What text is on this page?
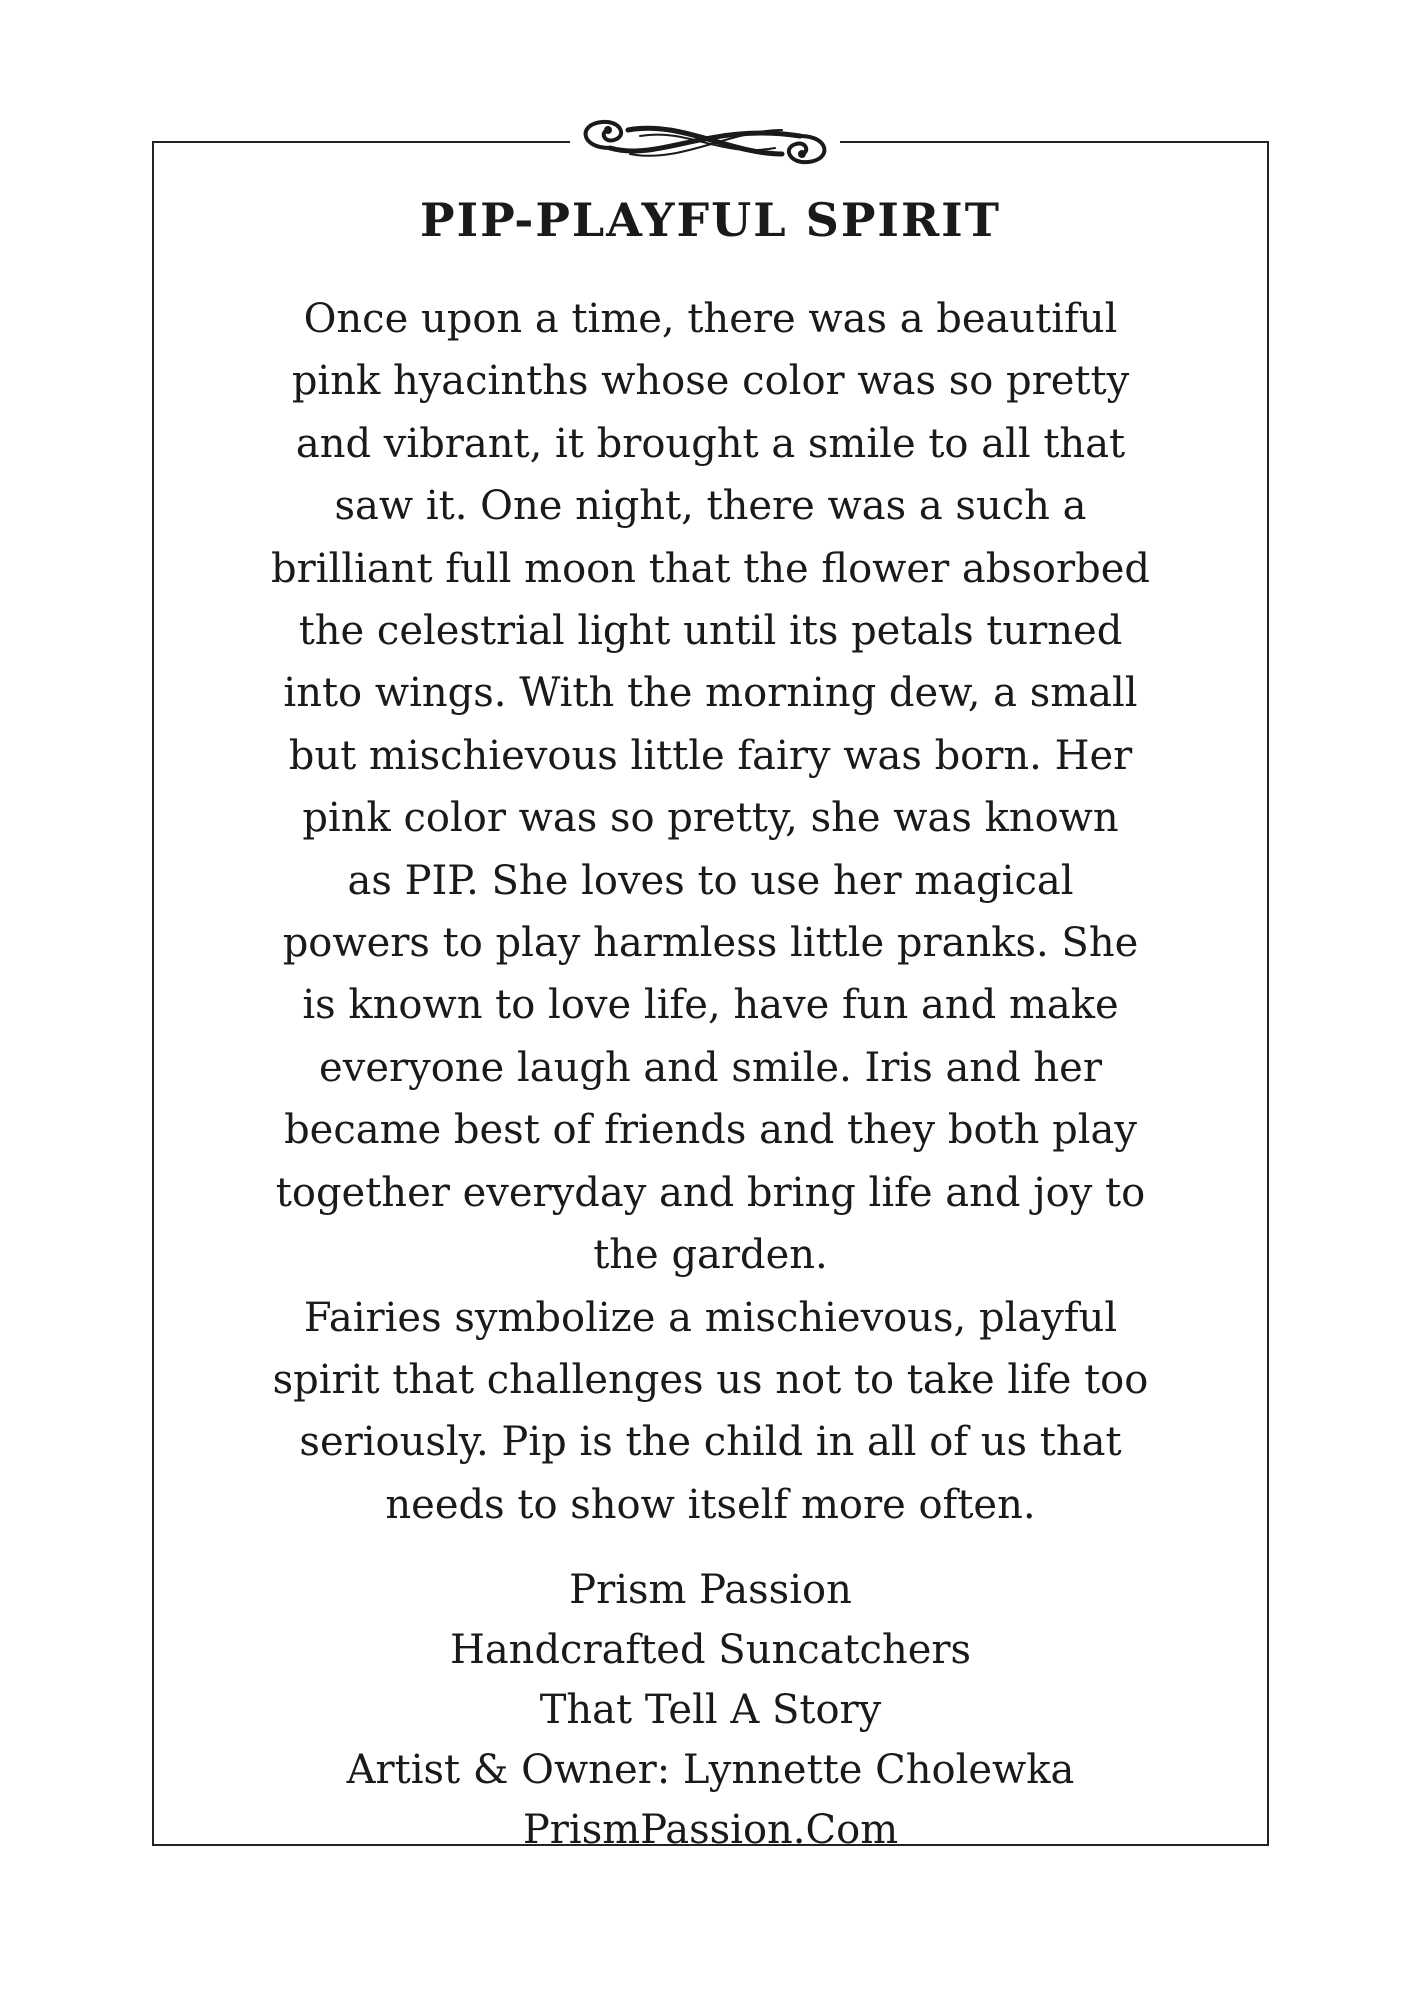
PIP-PLAYFUL SPIRIT

Once upon a time, there was a beautiful
pink hyacinths whose color was so pretty
and vibrant, it brought a smile to all that
saw it. One night, there was a such a
brilliant full moon that the flower absorbed
the celestrial light until its petals turned
into wings. With the morning dew, a small
but mischievous little fairy was born. Her
pink color was so pretty, she was known
as PIP. She loves to use her magical
powers to play harmless little pranks. She
is known to love life, have fun and make
everyone laugh and smile. Iris and her
became best of friends and they both play
together everyday and bring life and joy to
the garden.
Fairies symbolize a mischievous, playful
spirit that challenges us not to take life too
seriously. Pip is the child in all of us that
needs to show itself more often.

Prism Passion
Handcrafted Suncatchers
That Tell A Story
Artist & Owner: Lynnette Cholewka
PrismPassion.Com
